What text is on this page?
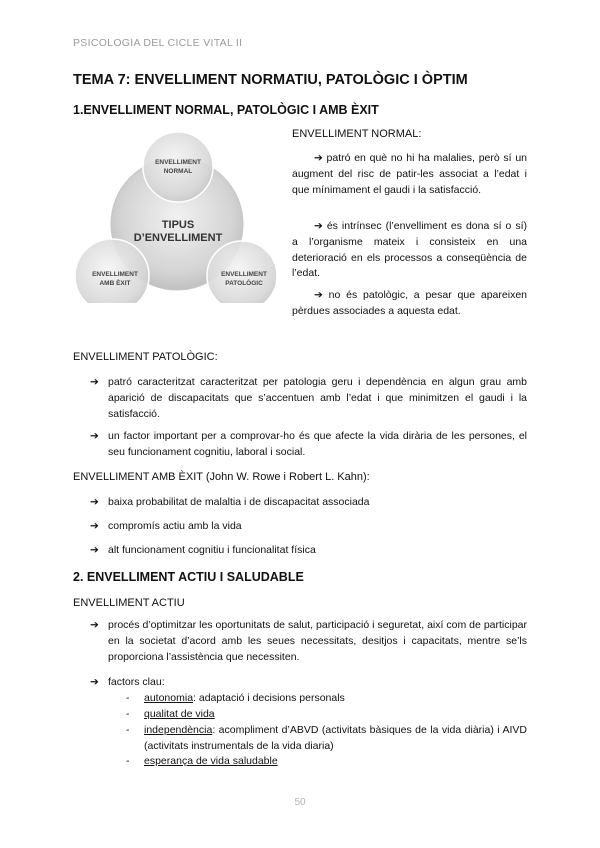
PSICOLOGIA DEL CICLE VITAL II
TEMA 7: ENVELLIMENT NORMATIU, PATOLÒGIC I ÒPTIM
1.ENVELLIMENT NORMAL, PATOLÒGIC I AMB ÈXIT
TIPUS
D’ENVELLIMENT
ENVELLIMENT
NORMAL
ENVELLIMENT
AMB ÈXIT
ENVELLIMENT
PATOLÒGIC
ENVELLIMENT NORMAL:
➔ patró en què no hi ha malalies, però sí un augment del risc de patir-les associat a l’edat i que mínimament el gaudi i la satisfacció.
➔ és intrínsec (l’envelliment es dona sí o sí) a l’organisme mateix i consisteix en una deterioració en els processos a conseqüència de l’edat.
➔ no és patològic, a pesar que apareixen pèrdues associades a aquesta edat.
ENVELLIMENT PATOLÒGIC:
➔ patró caracteritzat caracteritzat per patologia geru i dependència en algun grau amb aparició de discapacitats que s’accentuen amb l’edat i que minimitzen el gaudi i la satisfacció.
➔ un factor important per a comprovar-ho és que afecte la vida dirària de les persones, el seu funcionament cognitiu, laboral i social.
ENVELLIMENT AMB ÈXIT (John W. Rowe i Robert L. Kahn):
➔ baixa probabilitat de malaltia i de discapacitat associada
➔ compromís actiu amb la vida
➔ alt funcionament cognitiu i funcionalitat física
2. ENVELLIMENT ACTIU I SALUDABLE
ENVELLIMENT ACTIU
➔ procés d’optimitzar les oportunitats de salut, participació i seguretat, així com de participar en la societat d’acord amb les seues necessitats, desitjos i capacitats, mentre se’ls proporciona l’assistència que necessiten.
➔ factors clau:
- autonomia: adaptació i decisions personals
- qualitat de vida
- independència: acompliment d’ABVD (activitats bàsiques de la vida diària) i AIVD (activitats instrumentals de la vida diaria)
- esperança de vida saludable
50
